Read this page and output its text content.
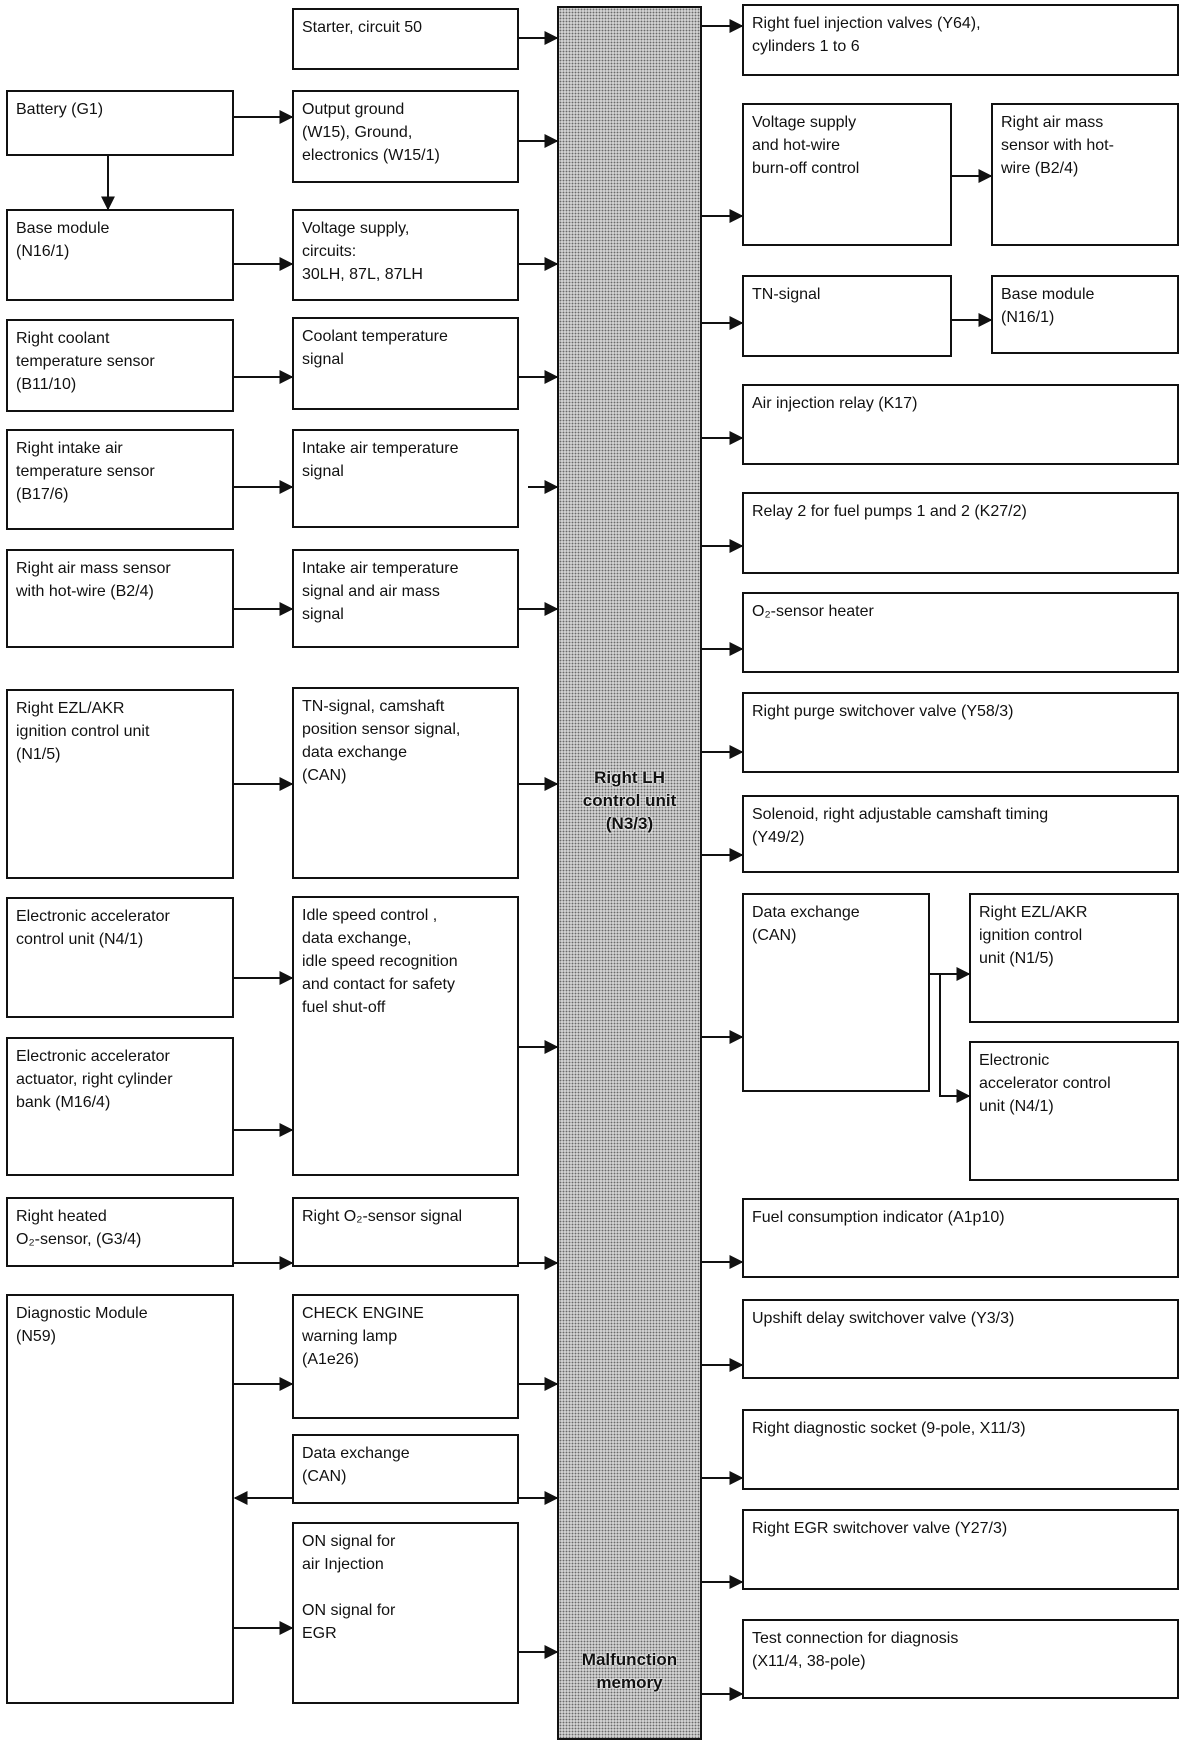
Right LH
control unit
(N3/3)
Malfunction
memory
Battery (G1)
Base module
(N16/1)
Right coolant
temperature sensor
(B11/10)
Right intake air
temperature sensor
(B17/6)
Right air mass sensor
with hot-wire (B2/4)
Right EZL/AKR
ignition control unit
(N1/5)
Electronic accelerator
control unit (N4/1)
Electronic accelerator
actuator, right cylinder
bank (M16/4)
Right heated
O₂-sensor, (G3/4)
Diagnostic Module
(N59)
Starter, circuit 50
Output ground
(W15), Ground,
electronics (W15/1)
Voltage supply,
circuits:
30LH, 87L, 87LH
Coolant temperature
signal
Intake air temperature
signal
Intake air temperature
signal and air mass
signal
TN-signal, camshaft
position sensor signal,
data exchange
(CAN)
Idle speed control ,
data exchange,
idle speed recognition
and contact for safety
fuel shut-off
Right O₂-sensor signal
CHECK ENGINE
warning lamp
(A1e26)
Data exchange
(CAN)
ON signal for
air Injection

ON signal for
EGR
Right fuel injection valves (Y64),
cylinders 1 to 6
Voltage supply
and hot-wire
burn-off control
TN-signal
Air injection relay (K17)
Relay 2 for fuel pumps 1 and 2 (K27/2)
O₂-sensor heater
Right purge switchover valve (Y58/3)
Solenoid, right adjustable camshaft timing
(Y49/2)
Data exchange
(CAN)
Fuel consumption indicator (A1p10)
Upshift delay switchover valve (Y3/3)
Right diagnostic socket (9-pole, X11/3)
Right EGR switchover valve (Y27/3)
Test connection for diagnosis
(X11/4, 38-pole)
Right air mass
sensor with hot-
wire (B2/4)
Base module
(N16/1)
Right EZL/AKR
ignition control
unit (N1/5)
Electronic
accelerator control
unit (N4/1)
